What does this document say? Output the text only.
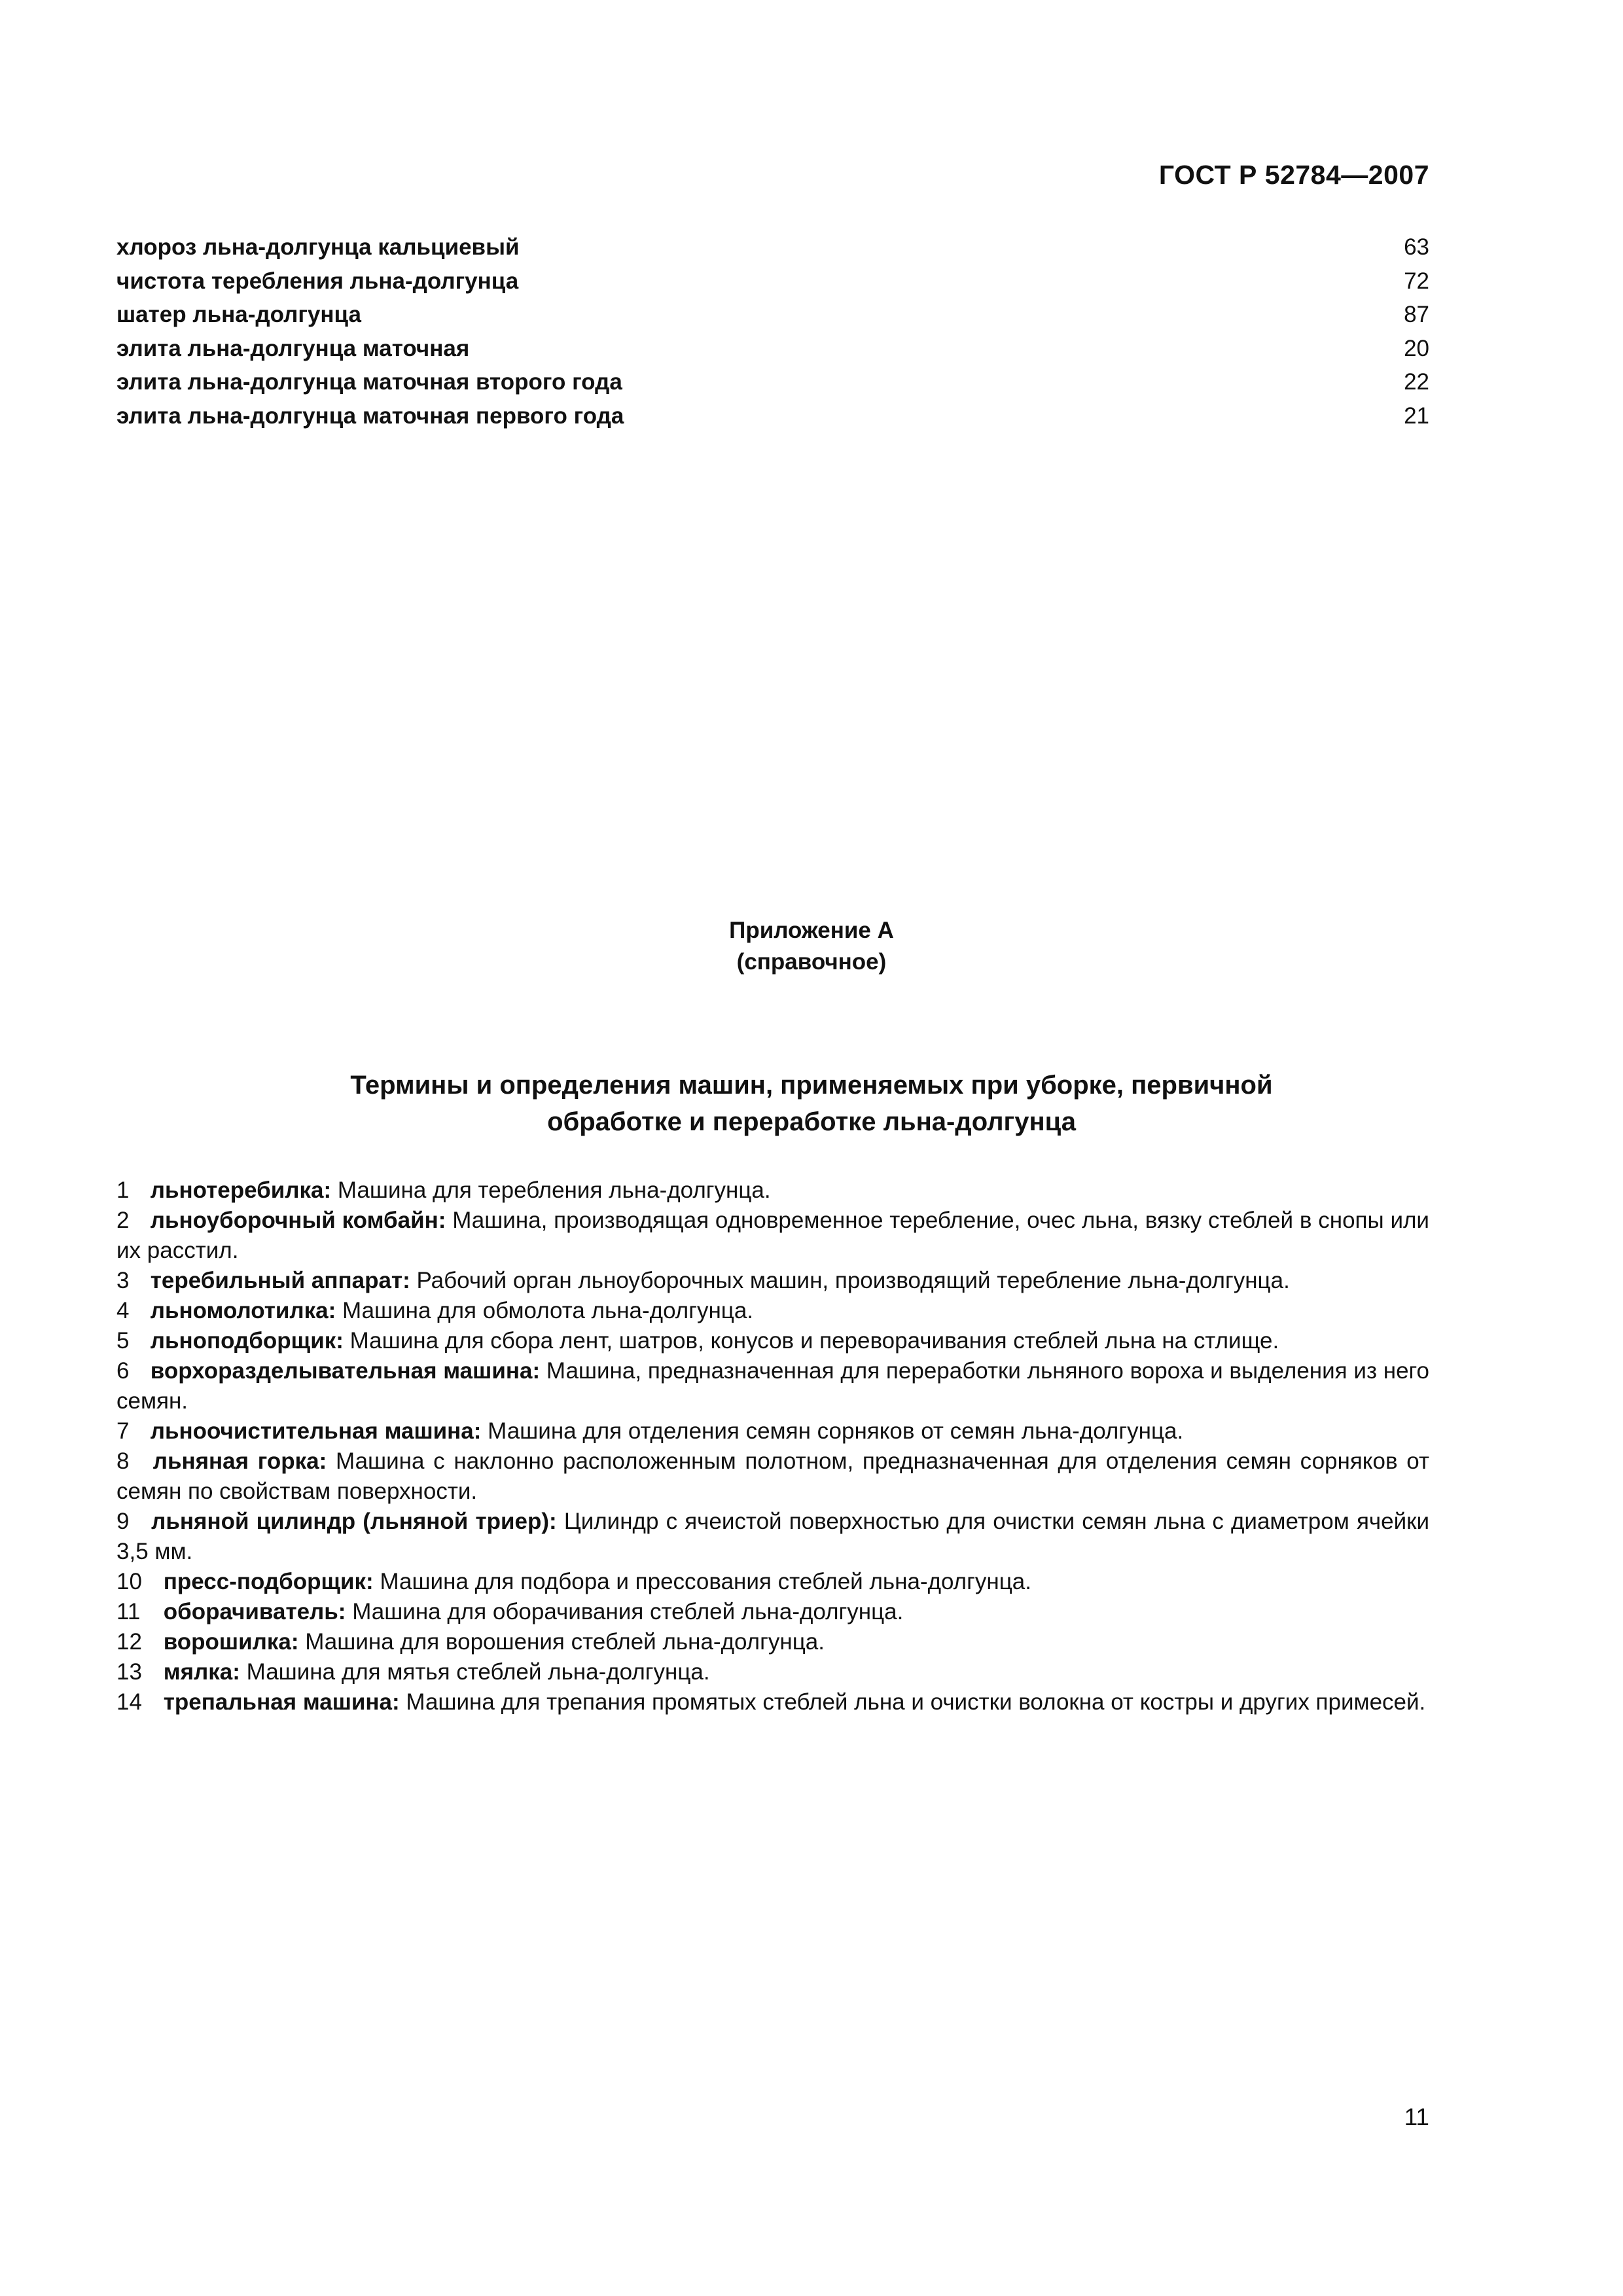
ГОСТ Р 52784—2007
хлороз льна-долгунца кальциевый	63
чистота теребления льна-долгунца	72
шатер льна-долгунца	87
элита льна-долгунца маточная	20
элита льна-долгунца маточная второго года	22
элита льна-долгунца маточная первого года	21
Приложение А
(справочное)
Термины и определения машин, применяемых при уборке, первичной
обработке и переработке льна-долгунца

1 льнотеребилка: Машина для теребления льна-долгунца.

2 льноуборочный комбайн: Машина, производящая одновременное теребление, очес льна, вязку стеблей в снопы или их расстил.

3 теребильный аппарат: Рабочий орган льноуборочных машин, производящий теребление льна-долгунца.

4 льномолотилка: Машина для обмолота льна-долгунца.

5 льноподборщик: Машина для сбора лент, шатров, конусов и переворачивания стеблей льна на стлище.

6 ворхоразделывательная машина: Машина, предназначенная для переработки льняного вороха и выделения из него семян.

7 льноочистительная машина: Машина для отделения семян сорняков от семян льна-долгунца.

8 льняная горка: Машина с наклонно расположенным полотном, предназначенная для отделения семян сорняков от семян по свойствам поверхности.

9 льняной цилиндр (льняной триер): Цилиндр с ячеистой поверхностью для очистки семян льна с диаметром ячейки 3,5 мм.

10 пресс-подборщик: Машина для подбора и прессования стеблей льна-долгунца.

11 оборачиватель: Машина для оборачивания стеблей льна-долгунца.

12 ворошилка: Машина для ворошения стеблей льна-долгунца.

13 мялка: Машина для мятья стеблей льна-долгунца.

14 трепальная машина: Машина для трепания промятых стеблей льна и очистки волокна от костры и других примесей.

11
